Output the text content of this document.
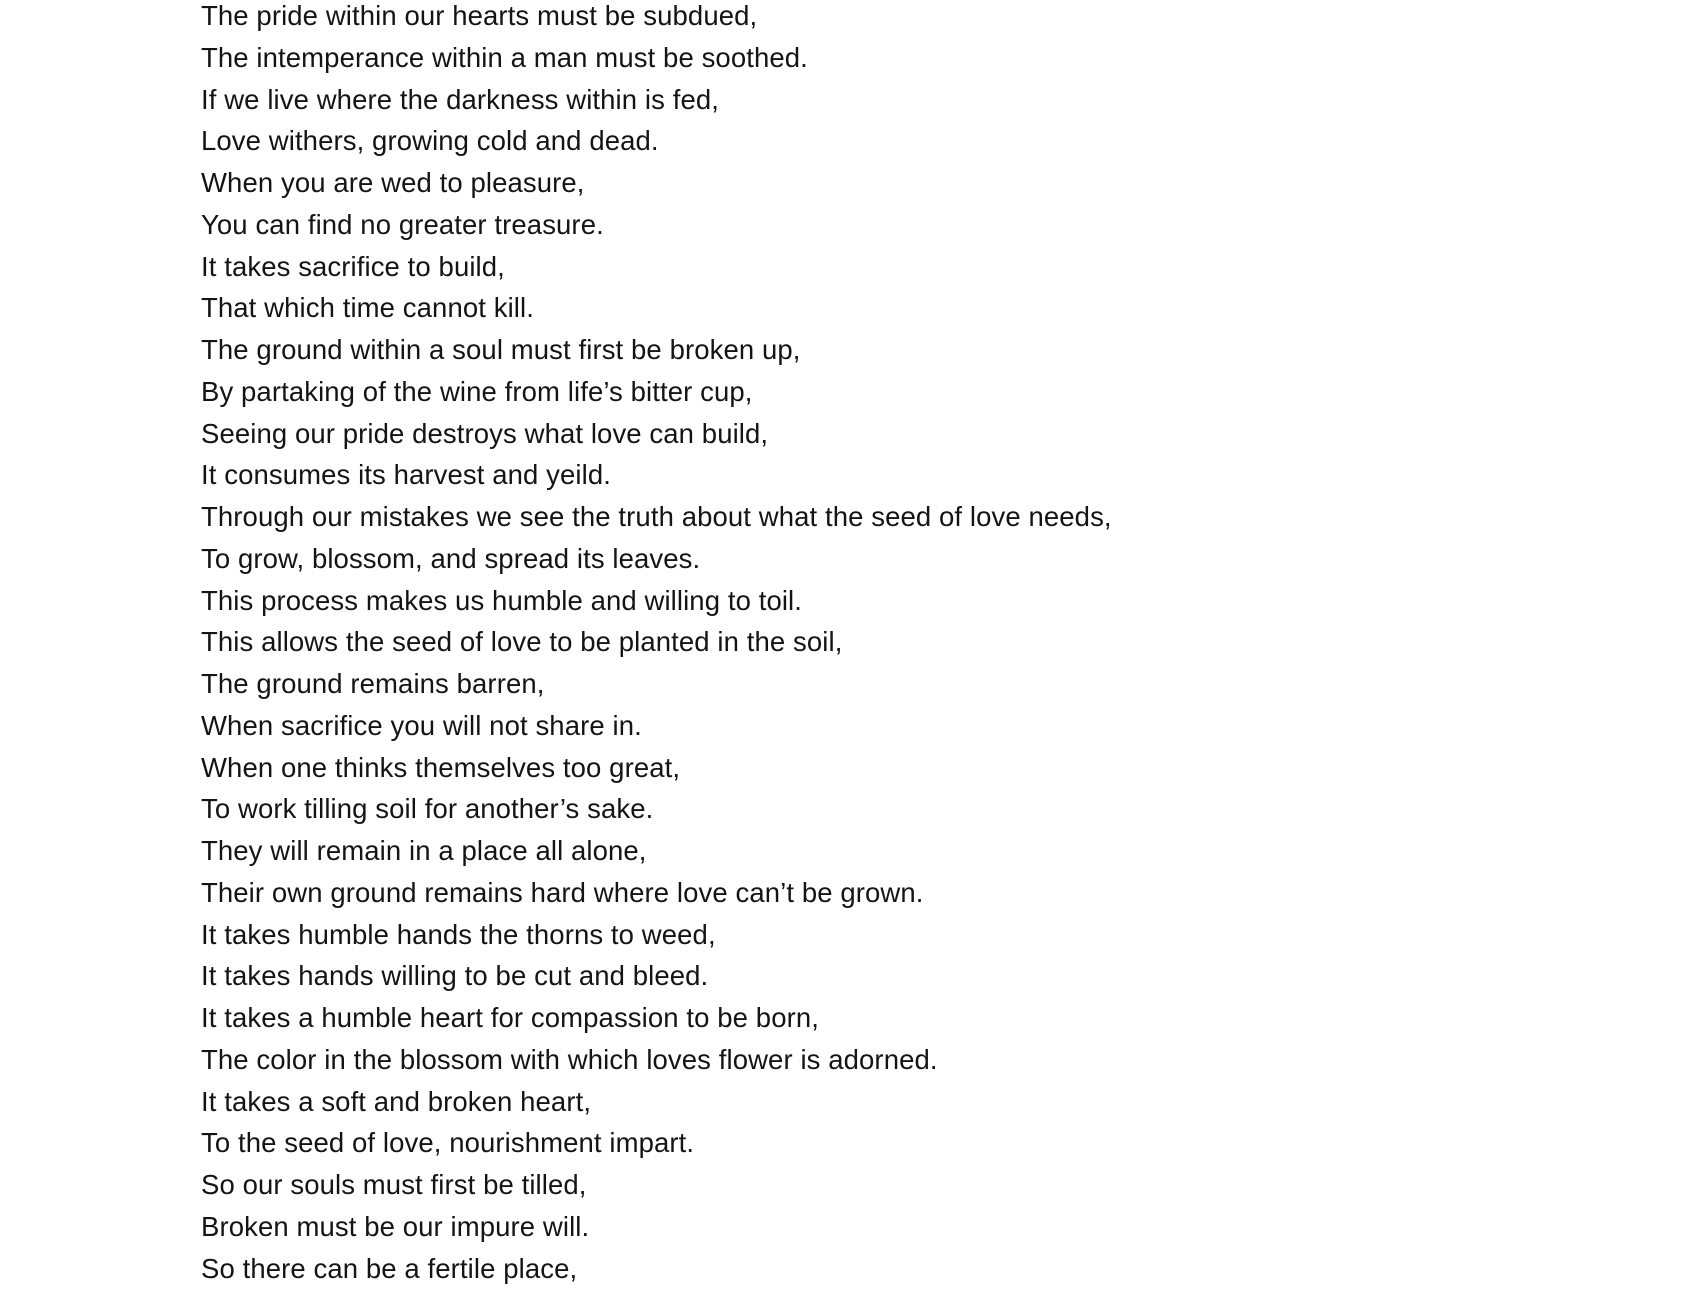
The pride within our hearts must be subdued,
The intemperance within a man must be soothed.
If we live where the darkness within is fed,
Love withers, growing cold and dead.
When you are wed to pleasure,
You can find no greater treasure.
It takes sacrifice to build,
That which time cannot kill.
The ground within a soul must first be broken up,
By partaking of the wine from life’s bitter cup,
Seeing our pride destroys what love can build,
It consumes its harvest and yeild.
Through our mistakes we see the truth about what the seed of love needs,
To grow, blossom, and spread its leaves.
This process makes us humble and willing to toil.
This allows the seed of love to be planted in the soil,
The ground remains barren,
When sacrifice you will not share in.
When one thinks themselves too great,
To work tilling soil for another’s sake.
They will remain in a place all alone,
Their own ground remains hard where love can’t be grown.
It takes humble hands the thorns to weed,
It takes hands willing to be cut and bleed.
It takes a humble heart for compassion to be born,
The color in the blossom with which loves flower is adorned.
It takes a soft and broken heart,
To the seed of love, nourishment impart.
So our souls must first be tilled,
Broken must be our impure will.
So there can be a fertile place,
